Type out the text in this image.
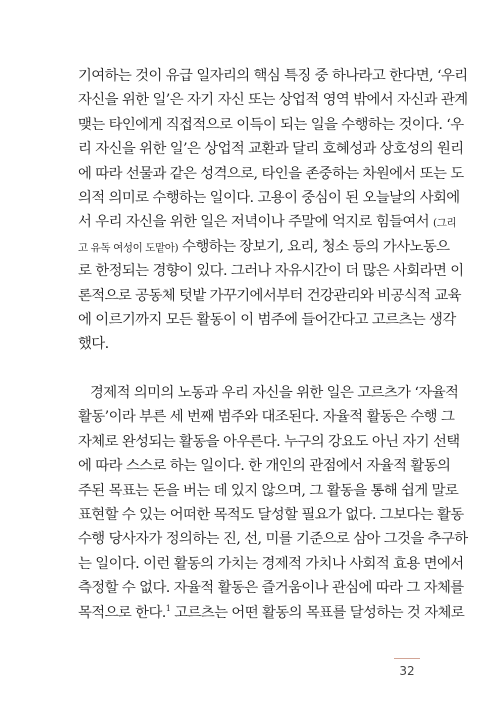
기여하는 것이 유급 일자리의 핵심 특징 중 하나라고 한다면, ‘우리
자신을 위한 일’은 자기 자신 또는 상업적 영역 밖에서 자신과 관계
맺는 타인에게 직접적으로 이득이 되는 일을 수행하는 것이다. ‘우
리 자신을 위한 일’은 상업적 교환과 달리 호혜성과 상호성의 원리
에 따라 선물과 같은 성격으로, 타인을 존중하는 차원에서 또는 도
의적 의미로 수행하는 일이다. 고용이 중심이 된 오늘날의 사회에
서 우리 자신을 위한 일은 저녁이나 주말에 억지로 힘들여서 (그리
고 유독 여성이 도맡아) 수행하는 장보기, 요리, 청소 등의 가사노동으
로 한정되는 경향이 있다. 그러나 자유시간이 더 많은 사회라면 이
론적으로 공동체 텃밭 가꾸기에서부터 건강관리와 비공식적 교육
에 이르기까지 모든 활동이 이 범주에 들어간다고 고르츠는 생각
했다.
경제적 의미의 노동과 우리 자신을 위한 일은 고르츠가 ‘자율적
활동’이라 부른 세 번째 범주와 대조된다. 자율적 활동은 수행 그
자체로 완성되는 활동을 아우른다. 누구의 강요도 아닌 자기 선택
에 따라 스스로 하는 일이다. 한 개인의 관점에서 자율적 활동의
주된 목표는 돈을 버는 데 있지 않으며, 그 활동을 통해 쉽게 말로
표현할 수 있는 어떠한 목적도 달성할 필요가 없다. 그보다는 활동
수행 당사자가 정의하는 진, 선, 미를 기준으로 삼아 그것을 추구하
는 일이다. 이런 활동의 가치는 경제적 가치나 사회적 효용 면에서
측정할 수 없다. 자율적 활동은 즐거움이나 관심에 따라 그 자체를
목적으로 한다.$^1$ 고르츠는 어떤 활동의 목표를 달성하는 것 자체로
32
